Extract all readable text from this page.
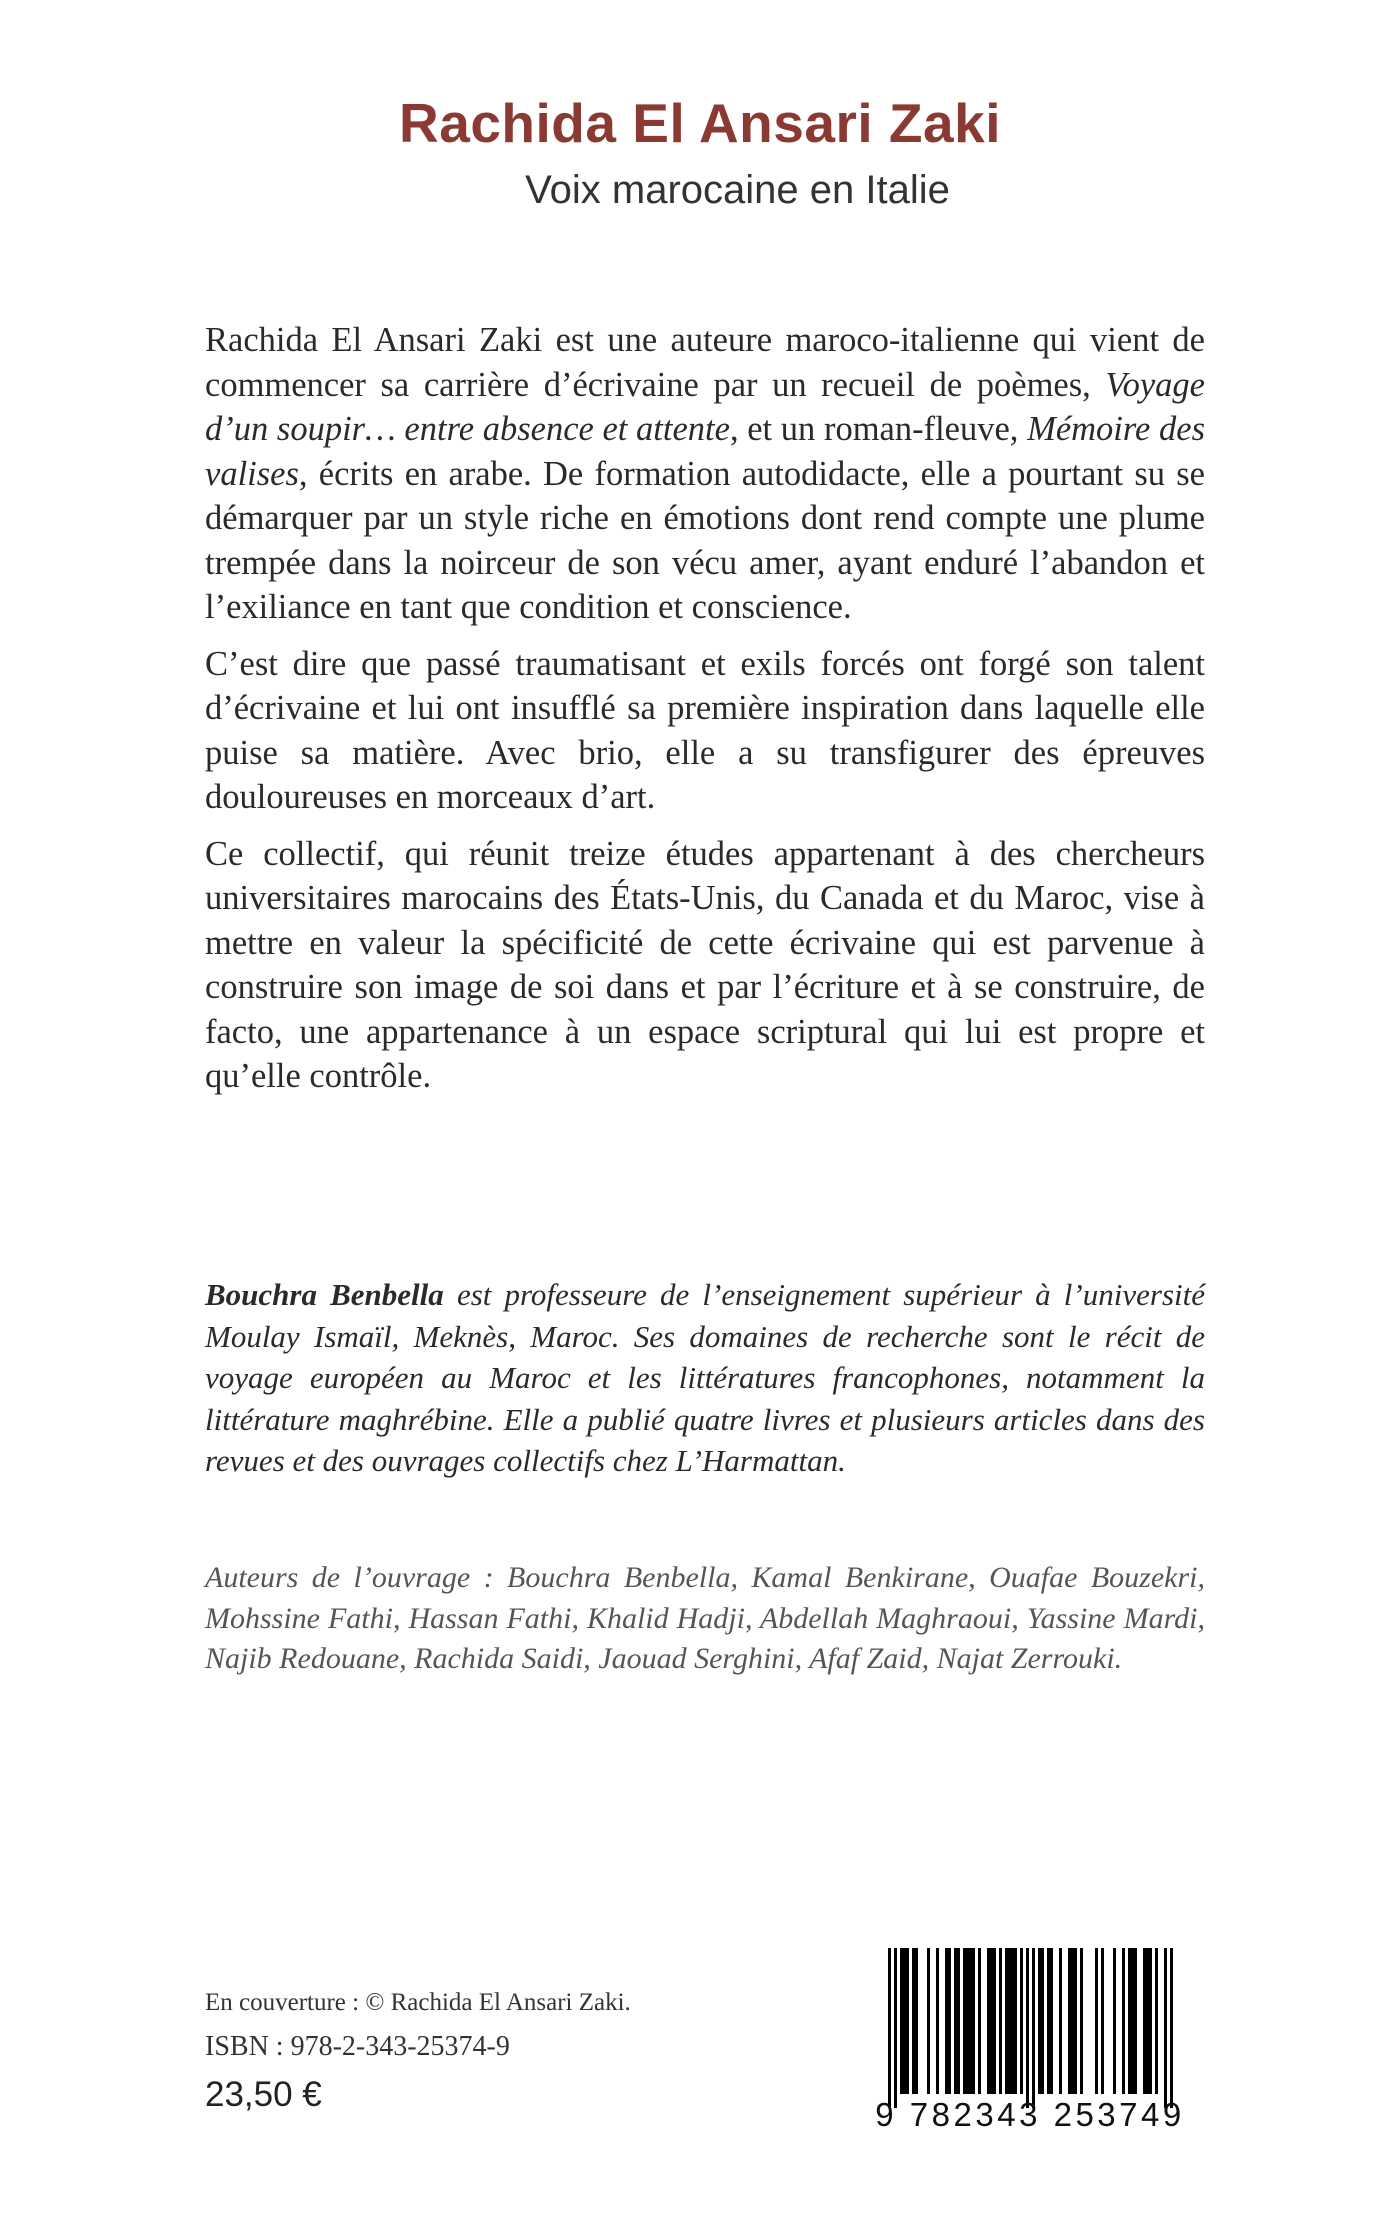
Rachida El Ansari Zaki
Voix marocaine en Italie

Rachida El Ansari Zaki est une auteure maroco-italienne qui vient de commencer sa carrière d’écrivaine par un recueil de poèmes, Voyage d’un soupir… entre absence et attente, et un roman-fleuve, Mémoire des valises, écrits en arabe. De formation autodidacte, elle a pourtant su se démarquer par un style riche en émotions dont rend compte une plume trempée dans la noirceur de son vécu amer, ayant enduré l’abandon et l’exiliance en tant que condition et conscience.

C’est dire que passé traumatisant et exils forcés ont forgé son talent d’écrivaine et lui ont insufflé sa première inspiration dans laquelle elle puise sa matière. Avec brio, elle a su transfigurer des épreuves douloureuses en morceaux d’art.

Ce collectif, qui réunit treize études appartenant à des chercheurs universitaires marocains des États-Unis, du Canada et du Maroc, vise à mettre en valeur la spécificité de cette écrivaine qui est parvenue à construire son image de soi dans et par l’écriture et à se construire, de facto, une appartenance à un espace scriptural qui lui est propre et qu’elle contrôle.

Bouchra Benbella est professeure de l’enseignement supérieur à l’université Moulay Ismaïl, Meknès, Maroc. Ses domaines de recherche sont le récit de voyage européen au Maroc et les littératures francophones, notamment la littérature maghrébine. Elle a publié quatre livres et plusieurs articles dans des revues et des ouvrages collectifs chez L’Harmattan.

Auteurs de l’ouvrage : Bouchra Benbella, Kamal Benkirane, Ouafae Bouzekri, Mohssine Fathi, Hassan Fathi, Khalid Hadji, Abdellah Maghraoui, Yassine Mardi, Najib Redouane, Rachida Saidi, Jaouad Serghini, Afaf Zaid, Najat Zerrouki.

En couverture : © Rachida El Ansari Zaki.
ISBN : 978-2-343-25374-9
23,50 €
9 782343 253749
